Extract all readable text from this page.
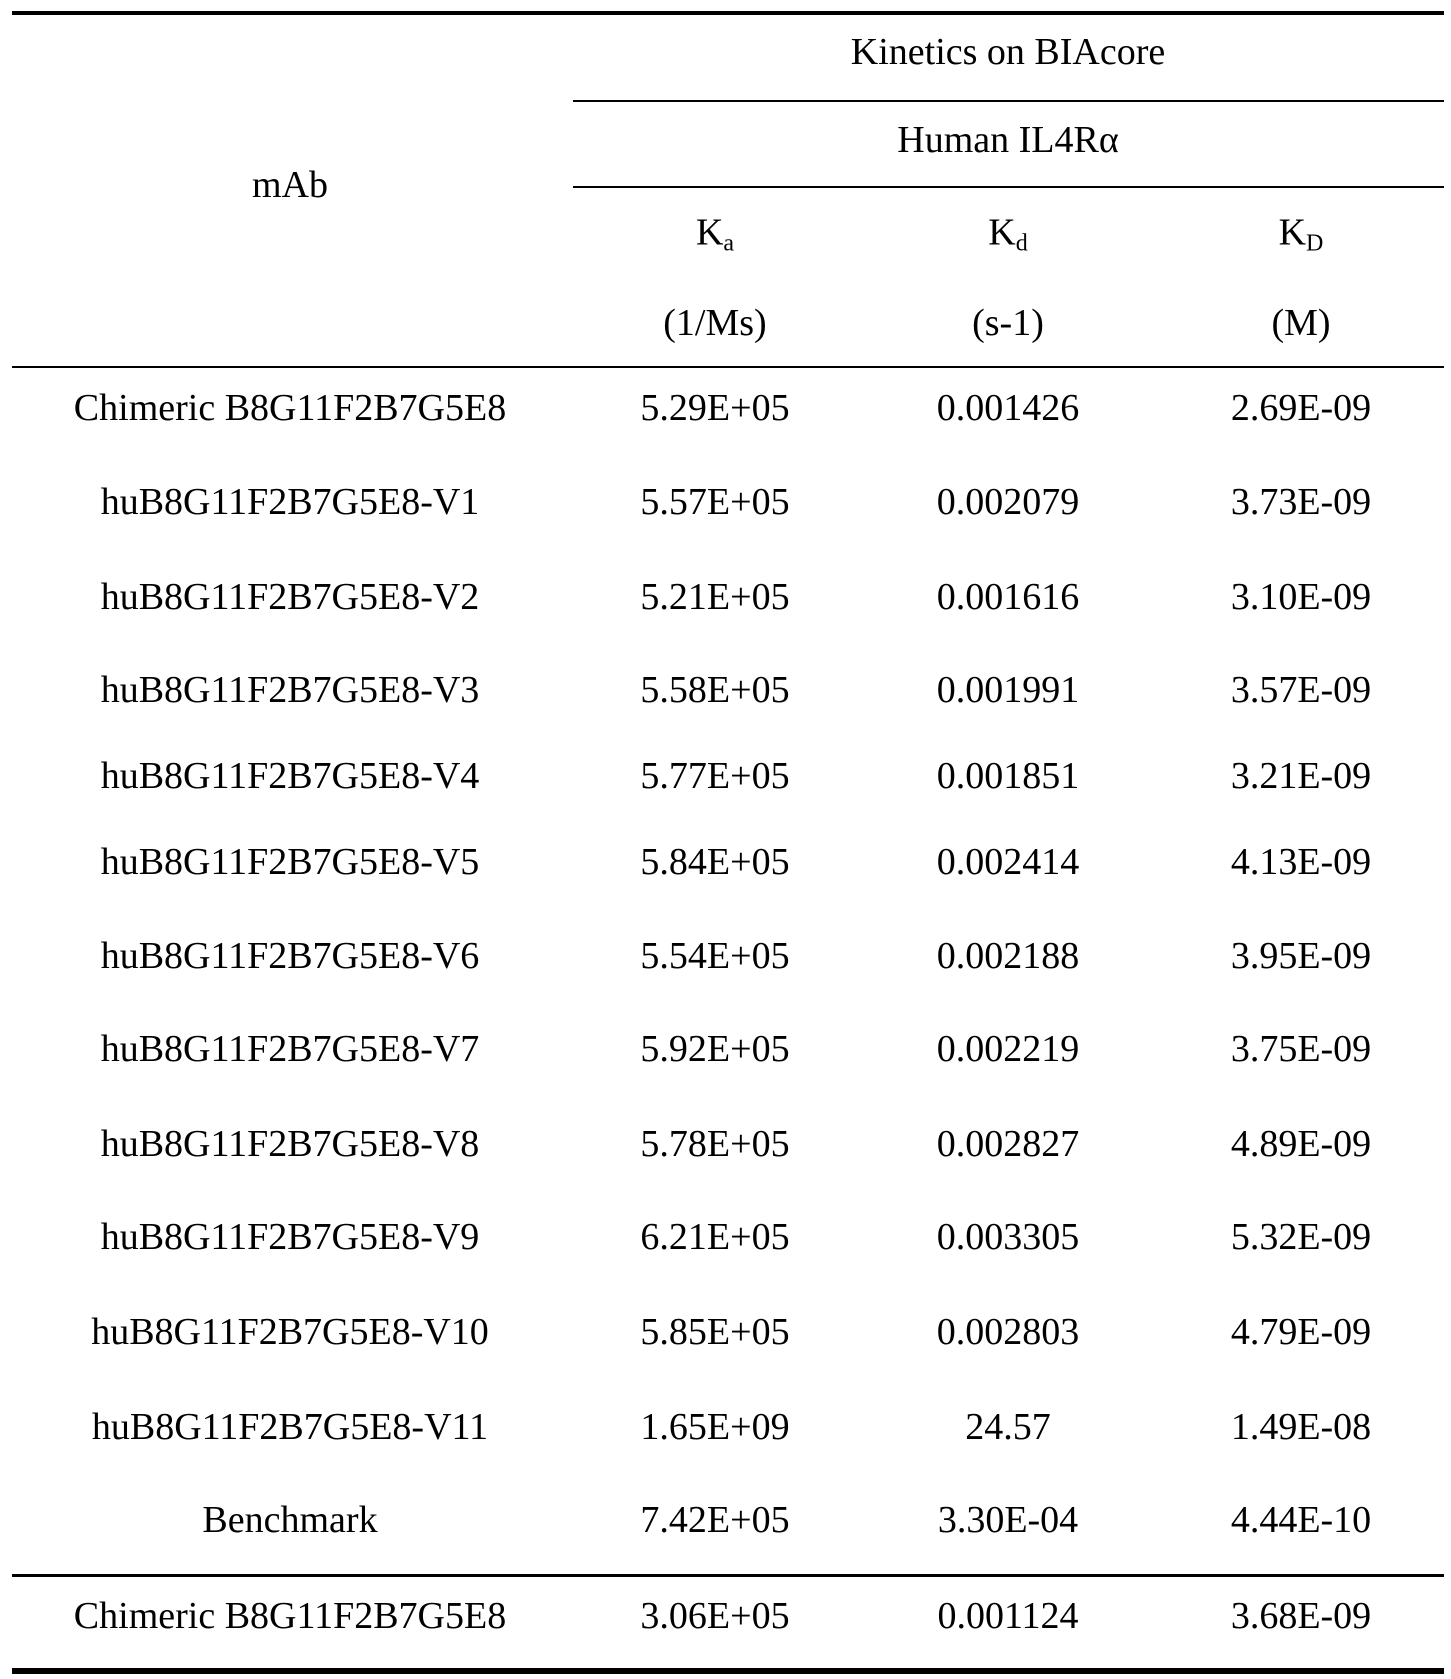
mAb
Kinetics on BIAcore
Human IL4Rα
Ka
(1/Ms)
Kd
(s-1)
KD
(M)
Chimeric B8G11F2B7G5E8	5.29E+05	0.001426	2.69E-09
huB8G11F2B7G5E8-V1	5.57E+05	0.002079	3.73E-09
huB8G11F2B7G5E8-V2	5.21E+05	0.001616	3.10E-09
huB8G11F2B7G5E8-V3	5.58E+05	0.001991	3.57E-09
huB8G11F2B7G5E8-V4	5.77E+05	0.001851	3.21E-09
huB8G11F2B7G5E8-V5	5.84E+05	0.002414	4.13E-09
huB8G11F2B7G5E8-V6	5.54E+05	0.002188	3.95E-09
huB8G11F2B7G5E8-V7	5.92E+05	0.002219	3.75E-09
huB8G11F2B7G5E8-V8	5.78E+05	0.002827	4.89E-09
huB8G11F2B7G5E8-V9	6.21E+05	0.003305	5.32E-09
huB8G11F2B7G5E8-V10	5.85E+05	0.002803	4.79E-09
huB8G11F2B7G5E8-V11	1.65E+09	24.57	1.49E-08
Benchmark	7.42E+05	3.30E-04	4.44E-10
Chimeric B8G11F2B7G5E8	3.06E+05	0.001124	3.68E-09
